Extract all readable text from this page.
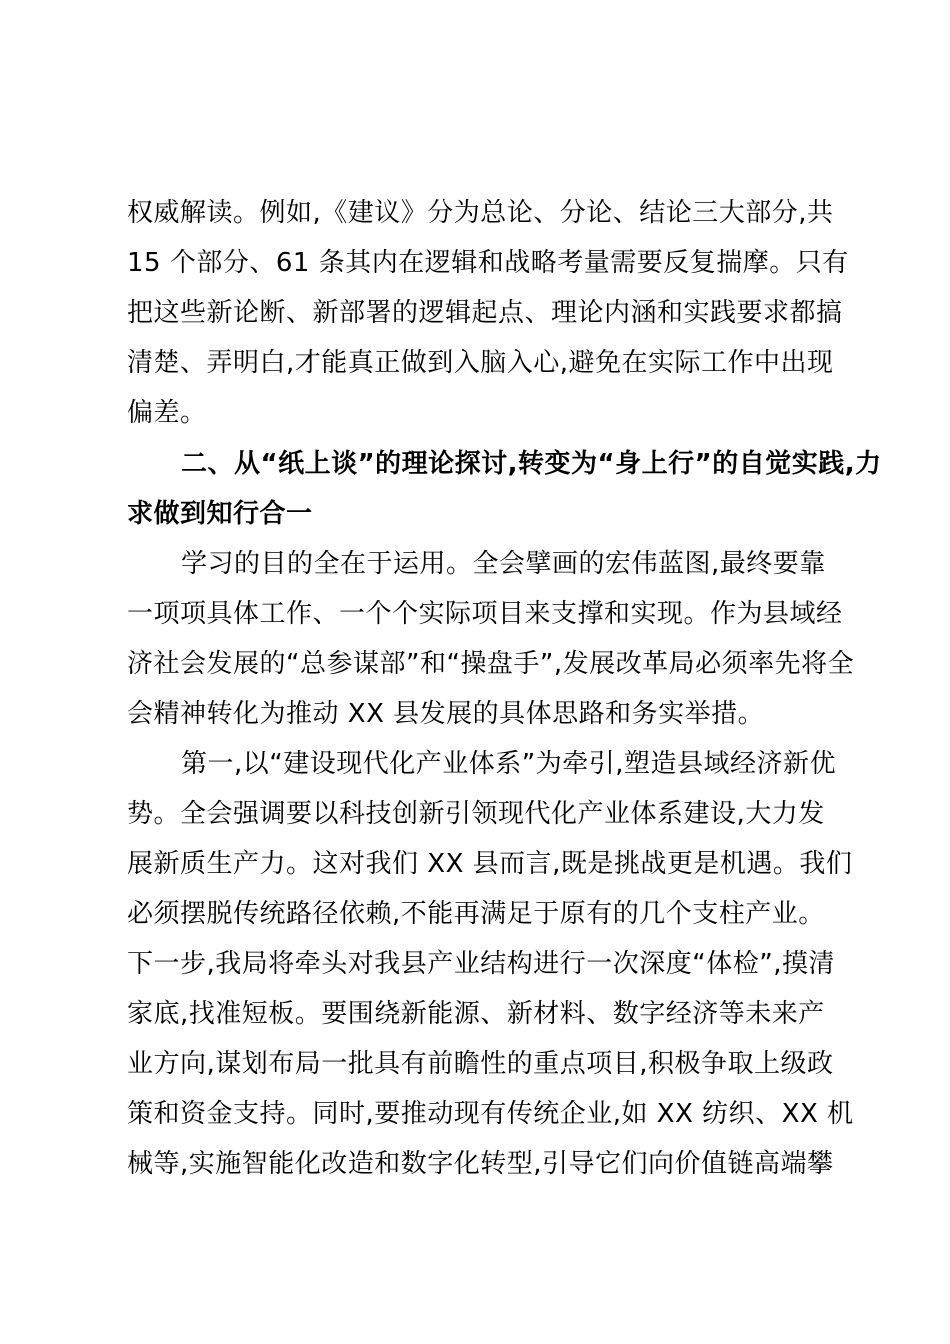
权威解读。例如,《建议》分为总论、分论、结论三大部分,共
15 个部分、61 条其内在逻辑和战略考量需要反复揣摩。只有
把这些新论断、新部署的逻辑起点、理论内涵和实践要求都搞
清楚、弄明白,才能真正做到入脑入心,避免在实际工作中出现
偏差。
二、从“纸上谈”的理论探讨,转变为“身上行”的自觉实践,力
求做到知行合一
学习的目的全在于运用。全会擘画的宏伟蓝图,最终要靠
一项项具体工作、一个个实际项目来支撑和实现。作为县域经
济社会发展的“总参谋部”和“操盘手”,发展改革局必须率先将全
会精神转化为推动 XX 县发展的具体思路和务实举措。
第一,以“建设现代化产业体系”为牵引,塑造县域经济新优
势。全会强调要以科技创新引领现代化产业体系建设,大力发
展新质生产力。这对我们 XX 县而言,既是挑战更是机遇。我们
必须摆脱传统路径依赖,不能再满足于原有的几个支柱产业。
下一步,我局将牵头对我县产业结构进行一次深度“体检”,摸清
家底,找准短板。要围绕新能源、新材料、数字经济等未来产
业方向,谋划布局一批具有前瞻性的重点项目,积极争取上级政
策和资金支持。同时,要推动现有传统企业,如 XX 纺织、XX 机
械等,实施智能化改造和数字化转型,引导它们向价值链高端攀
